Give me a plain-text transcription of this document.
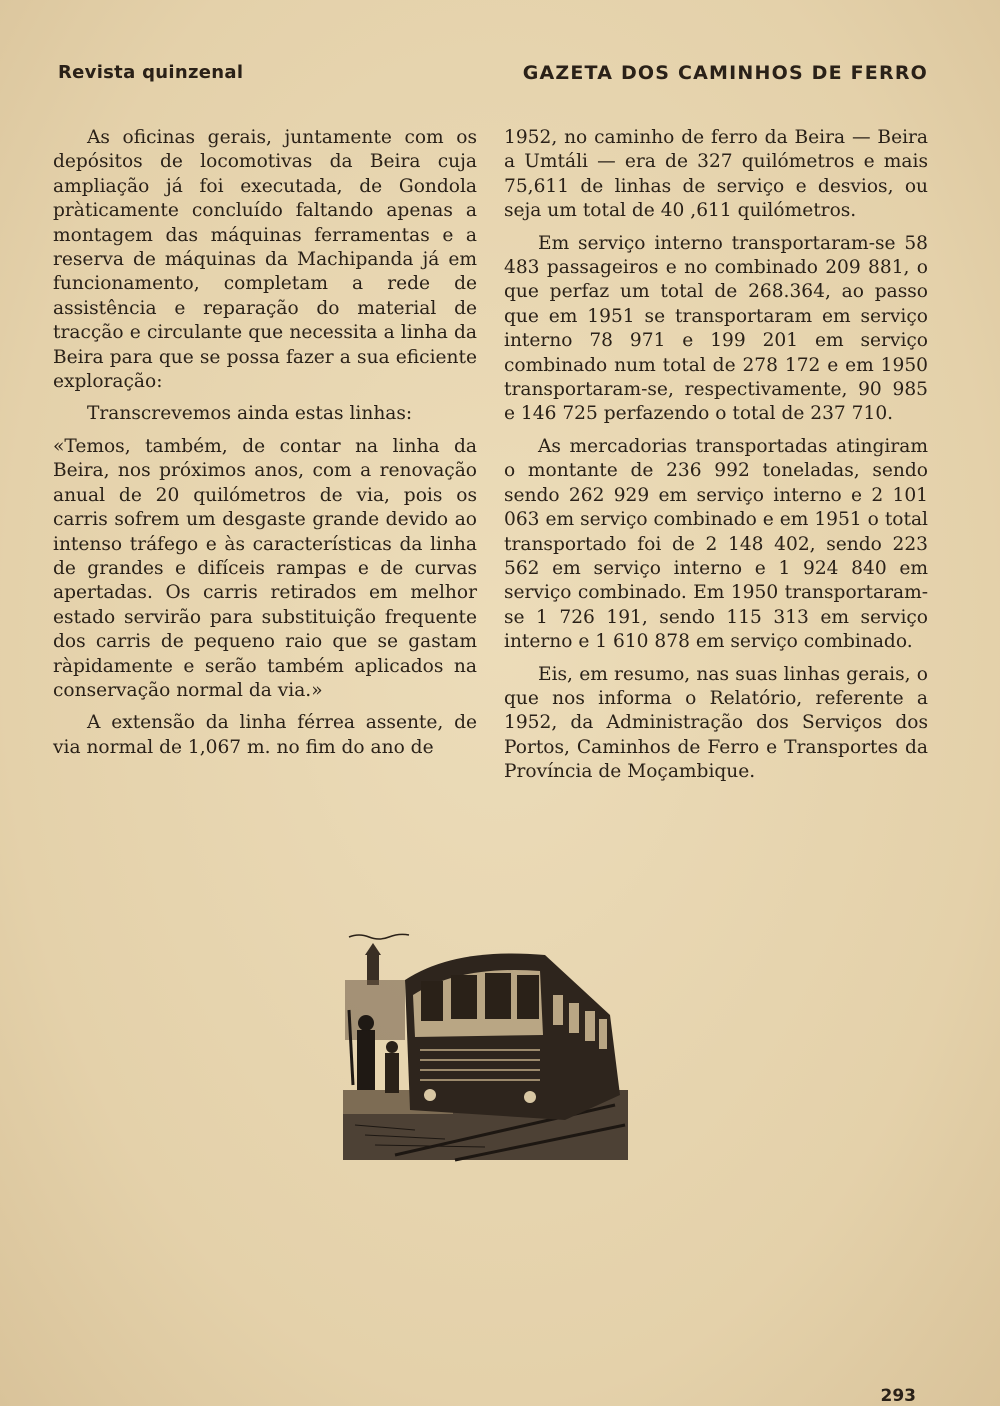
Revista quinzenal	GAZETA DOS CAMINHOS DE FERRO

As oficinas gerais, juntamente com os depósitos de locomotivas da Beira cuja ampliação já foi executada, de Gondola pràticamente concluído faltando apenas a montagem das máquinas ferramentas e a reserva de máquinas da Machipanda já em funcionamento, completam a rede de assistência e reparação do material de tracção e circulante que necessita a linha da Beira para que se possa fazer a sua eficiente exploração:

Transcrevemos ainda estas linhas:

«Temos, também, de contar na linha da Beira, nos próximos anos, com a renovação anual de 20 quilómetros de via, pois os carris sofrem um desgaste grande devido ao intenso tráfego e às características da linha de grandes e difíceis rampas e de curvas apertadas. Os carris retirados em melhor estado servirão para substituição frequente dos carris de pequeno raio que se gastam ràpidamente e serão também aplicados na conservação normal da via.»

A extensão da linha férrea assente, de via normal de 1,067 m. no fim do ano de

1952, no caminho de ferro da Beira — Beira a Umtáli — era de 327 quilómetros e mais 75,611 de linhas de serviço e desvios, ou seja um total de 40 ,611 quilómetros.

Em serviço interno transportaram-se 58 483 passageiros e no combinado 209 881, o que perfaz um total de 268.364, ao passo que em 1951 se transportaram em serviço interno 78 971 e 199 201 em serviço combinado num total de 278 172 e em 1950 transportaram-se, respectivamente, 90 985 e 146 725 perfazendo o total de 237 710.

As mercadorias transportadas atingiram o montante de 236 992 toneladas, sendo sendo 262 929 em serviço interno e 2 101 063 em serviço combinado e em 1951 o total transportado foi de 2 148 402, sendo 223 562 em serviço interno e 1 924 840 em serviço combinado. Em 1950 transportaram-se 1 726 191, sendo 115 313 em serviço interno e 1 610 878 em serviço combinado.

Eis, em resumo, nas suas linhas gerais, o que nos informa o Relatório, referente a 1952, da Administração dos Serviços dos Portos, Caminhos de Ferro e Transportes da Província de Moçambique.

293
